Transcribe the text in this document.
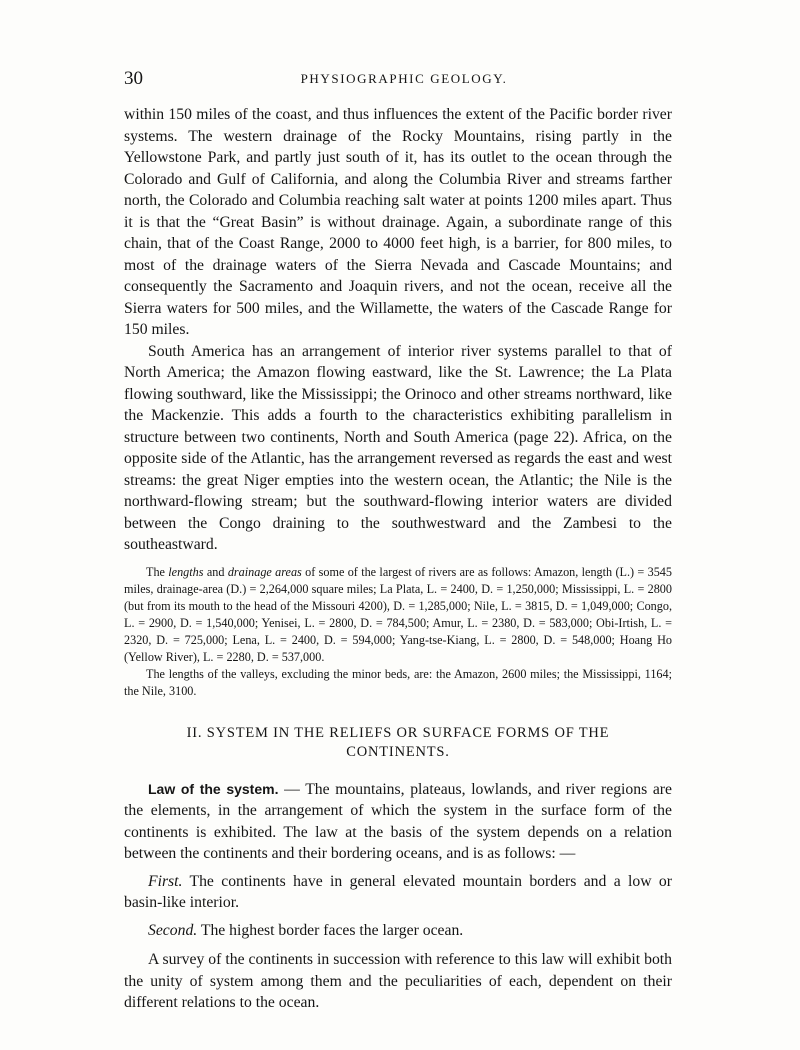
30	PHYSIOGRAPHIC GEOLOGY.

within 150 miles of the coast, and thus influences the extent of the Pacific border river systems. The western drainage of the Rocky Mountains, rising partly in the Yellowstone Park, and partly just south of it, has its outlet to the ocean through the Colorado and Gulf of California, and along the Columbia River and streams farther north, the Colorado and Columbia reaching salt water at points 1200 miles apart. Thus it is that the “Great Basin” is without drainage. Again, a subordinate range of this chain, that of the Coast Range, 2000 to 4000 feet high, is a barrier, for 800 miles, to most of the drainage waters of the Sierra Nevada and Cascade Mountains; and consequently the Sacramento and Joaquin rivers, and not the ocean, receive all the Sierra waters for 500 miles, and the Willamette, the waters of the Cascade Range for 150 miles.

South America has an arrangement of interior river systems parallel to that of North America; the Amazon flowing eastward, like the St. Lawrence; the La Plata flowing southward, like the Mississippi; the Orinoco and other streams northward, like the Mackenzie. This adds a fourth to the characteristics exhibiting parallelism in structure between two continents, North and South America (page 22). Africa, on the opposite side of the Atlantic, has the arrangement reversed as regards the east and west streams: the great Niger empties into the western ocean, the Atlantic; the Nile is the northward-flowing stream; but the southward-flowing interior waters are divided between the Congo draining to the southwestward and the Zambesi to the southeastward.

The lengths and drainage areas of some of the largest of rivers are as follows: Amazon, length (L.) = 3545 miles, drainage-area (D.) = 2,264,000 square miles; La Plata, L. = 2400, D. = 1,250,000; Mississippi, L. = 2800 (but from its mouth to the head of the Missouri 4200), D. = 1,285,000; Nile, L. = 3815, D. = 1,049,000; Congo, L. = 2900, D. = 1,540,000; Yenisei, L. = 2800, D. = 784,500; Amur, L. = 2380, D. = 583,000; Obi-Irtish, L. = 2320, D. = 725,000; Lena, L. = 2400, D. = 594,000; Yang-tse-Kiang, L. = 2800, D. = 548,000; Hoang Ho (Yellow River), L. = 2280, D. = 537,000.

The lengths of the valleys, excluding the minor beds, are: the Amazon, 2600 miles; the Mississippi, 1164; the Nile, 3100.

II. SYSTEM IN THE RELIEFS OR SURFACE FORMS OF THE CONTINENTS.

Law of the system. — The mountains, plateaus, lowlands, and river regions are the elements, in the arrangement of which the system in the surface form of the continents is exhibited. The law at the basis of the system depends on a relation between the continents and their bordering oceans, and is as follows: —

First. The continents have in general elevated mountain borders and a low or basin-like interior.

Second. The highest border faces the larger ocean.

A survey of the continents in succession with reference to this law will exhibit both the unity of system among them and the peculiarities of each, dependent on their different relations to the ocean.
